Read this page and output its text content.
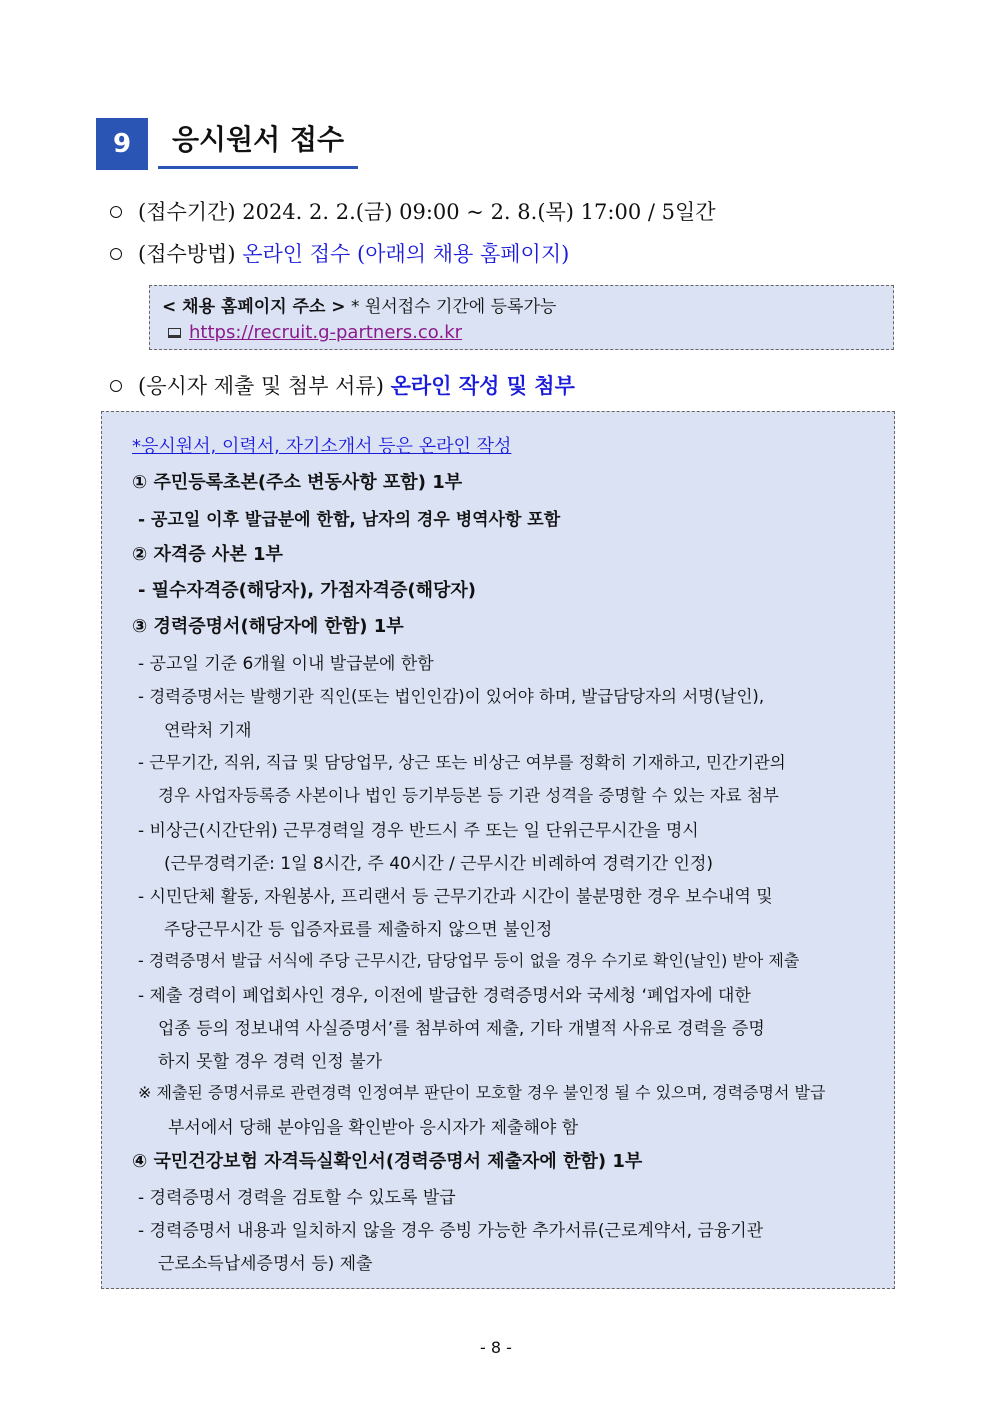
9	응시원서 접수
(접수기간) 2024. 2. 2.(금) 09:00 ~ 2. 8.(목) 17:00 / 5일간
(접수방법) 온라인 접수 (아래의 채용 홈페이지)
< 채용 홈페이지 주소 > * 원서접수 기간에 등록가능
https://recruit.g-partners.co.kr
(응시자 제출 및 첨부 서류) 온라인 작성 및 첨부
*응시원서, 이력서, 자기소개서 등은 온라인 작성
① 주민등록초본(주소 변동사항 포함) 1부
- 공고일 이후 발급분에 한함, 남자의 경우 병역사항 포함
② 자격증 사본 1부
- 필수자격증(해당자), 가점자격증(해당자)
③ 경력증명서(해당자에 한함) 1부
- 공고일 기준 6개월 이내 발급분에 한함
- 경력증명서는 발행기관 직인(또는 법인인감)이 있어야 하며, 발급담당자의 서명(날인),
연락처 기재
- 근무기간, 직위, 직급 및 담당업무, 상근 또는 비상근 여부를 정확히 기재하고, 민간기관의
경우 사업자등록증 사본이나 법인 등기부등본 등 기관 성격을 증명할 수 있는 자료 첨부
- 비상근(시간단위) 근무경력일 경우 반드시 주 또는 일 단위근무시간을 명시
(근무경력기준: 1일 8시간, 주 40시간 / 근무시간 비례하여 경력기간 인정)
- 시민단체 활동, 자원봉사, 프리랜서 등 근무기간과 시간이 불분명한 경우 보수내역 및
주당근무시간 등 입증자료를 제출하지 않으면 불인정
- 경력증명서 발급 서식에 주당 근무시간, 담당업무 등이 없을 경우 수기로 확인(날인) 받아 제출
- 제출 경력이 폐업회사인 경우, 이전에 발급한 경력증명서와 국세청 ‘폐업자에 대한
업종 등의 정보내역 사실증명서’를 첨부하여 제출, 기타 개별적 사유로 경력을 증명
하지 못할 경우 경력 인정 불가
※ 제출된 증명서류로 관련경력 인정여부 판단이 모호할 경우 불인정 될 수 있으며, 경력증명서 발급
부서에서 당해 분야임을 확인받아 응시자가 제출해야 함
④ 국민건강보험 자격득실확인서(경력증명서 제출자에 한함) 1부
- 경력증명서 경력을 검토할 수 있도록 발급
- 경력증명서 내용과 일치하지 않을 경우 증빙 가능한 추가서류(근로계약서, 금융기관
근로소득납세증명서 등) 제출
- 8 -
